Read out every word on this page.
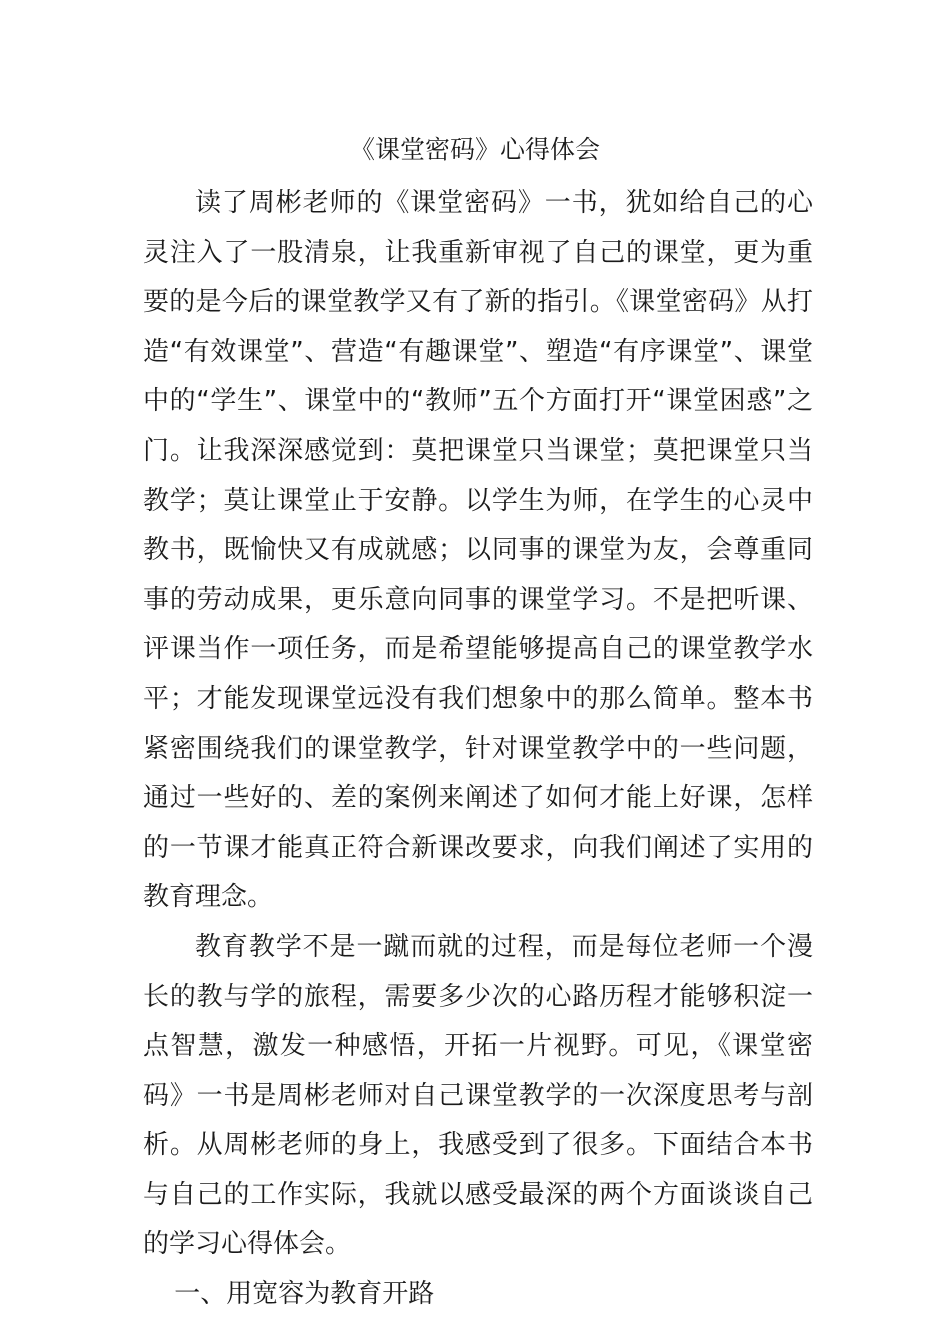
《课堂密码》心得体会

读了周彬老师的《课堂密码》一书，犹如给自己的心灵注入了一股清泉，让我重新审视了自己的课堂，更为重要的是今后的课堂教学又有了新的指引。《课堂密码》从打造“有效课堂”、营造“有趣课堂”、塑造“有序课堂”、课堂中的“学生”、课堂中的“教师”五个方面打开“课堂困惑”之门。让我深深感觉到：莫把课堂只当课堂；莫把课堂只当教学；莫让课堂止于安静。以学生为师，在学生的心灵中教书，既愉快又有成就感；以同事的课堂为友，会尊重同事的劳动成果，更乐意向同事的课堂学习。不是把听课、评课当作一项任务，而是希望能够提高自己的课堂教学水平；才能发现课堂远没有我们想象中的那么简单。整本书紧密围绕我们的课堂教学，针对课堂教学中的一些问题，通过一些好的、差的案例来阐述了如何才能上好课，怎样的一节课才能真正符合新课改要求，向我们阐述了实用的教育理念。

教育教学不是一蹴而就的过程，而是每位老师一个漫长的教与学的旅程，需要多少次的心路历程才能够积淀一点智慧，激发一种感悟，开拓一片视野。可见，《课堂密码》一书是周彬老师对自己课堂教学的一次深度思考与剖析。从周彬老师的身上，我感受到了很多。下面结合本书与自己的工作实际，我就以感受最深的两个方面谈谈自己的学习心得体会。

一、用宽容为教育开路
